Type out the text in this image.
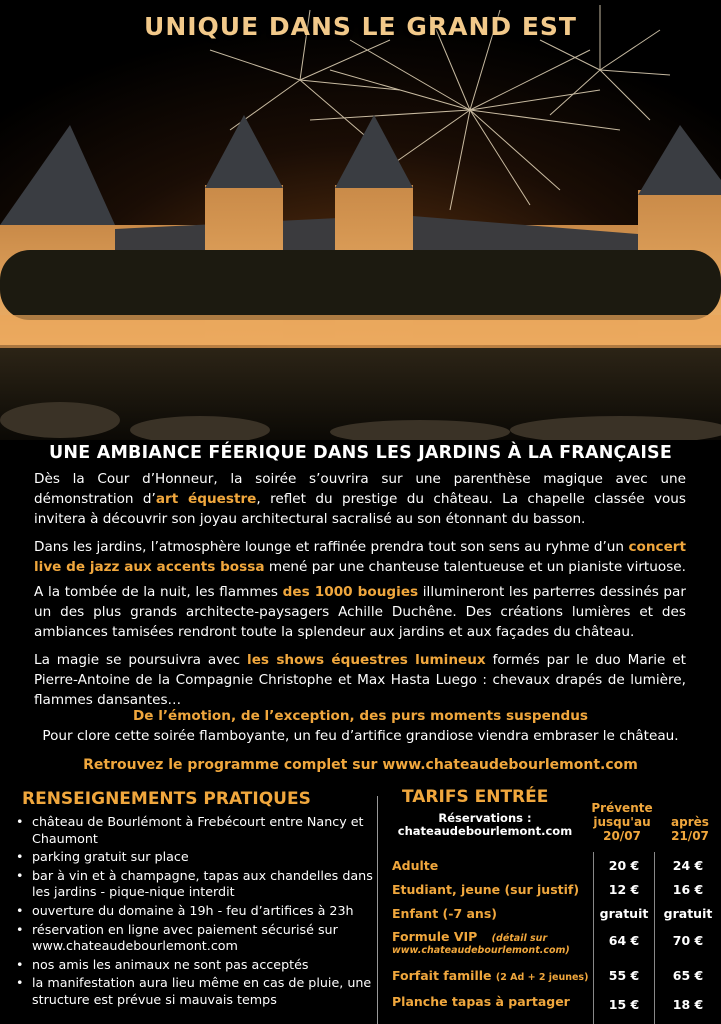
UNIQUE DANS LE GRAND EST
UNE AMBIANCE FÉERIQUE DANS LES JARDINS À LA FRANÇAISE
Dès la Cour d’Honneur, la soirée s’ouvrira sur une parenthèse magique avec une démonstration d’art équestre, reflet du prestige du château. La chapelle classée vous invitera à découvrir son joyau architectural sacralisé au son étonnant du basson.
Dans les jardins, l’atmosphère lounge et raffinée prendra tout son sens au ryhme d’un concert live de jazz aux accents bossa mené par une chanteuse talentueuse et un pianiste virtuose.
A la tombée de la nuit, les flammes des 1000 bougies illumineront les parterres dessinés par un des plus grands architecte-paysagers Achille Duchêne. Des créations lumières et des ambiances tamisées rendront toute la splendeur aux jardins et aux façades du château.
La magie se poursuivra avec les shows équestres lumineux formés par le duo Marie et Pierre-Antoine de la Compagnie Christophe et Max Hasta Luego : chevaux drapés de lumière, flammes dansantes…
De l’émotion, de l’exception, des purs moments suspendus
Pour clore cette soirée flamboyante, un feu d’artifice grandiose viendra embraser le château.
Retrouvez le programme complet sur www.chateaudebourlemont.com
RENSEIGNEMENTS PRATIQUES
• château de Bourlémont à Frebécourt entre Nancy et Chaumont
• parking gratuit sur place
• bar à vin et à champagne, tapas aux chandelles dans les jardins - pique-nique interdit
• ouverture du domaine à 19h - feu d’artifices à 23h
• réservation en ligne avec paiement sécurisé sur www.chateaudebourlemont.com
• nos amis les animaux ne sont pas acceptés
• la manifestation aura lieu même en cas de pluie, une structure est prévue si mauvais temps
TARIFS ENTRÉE
Réservations :
chateaudebourlemont.com
Prévente
jusqu'au
20/07
après
21/07
Adulte	20 €	24 €
Etudiant, jeune (sur justif)	12 €	16 €
Enfant (-7 ans)	gratuit	gratuit
Formule VIP (détail sur
www.chateaudebourlemont.com)
64 €	70 €
Forfait famille (2 Ad + 2 jeunes)	55 €	65 €
Planche tapas à partager	15 €	18 €
